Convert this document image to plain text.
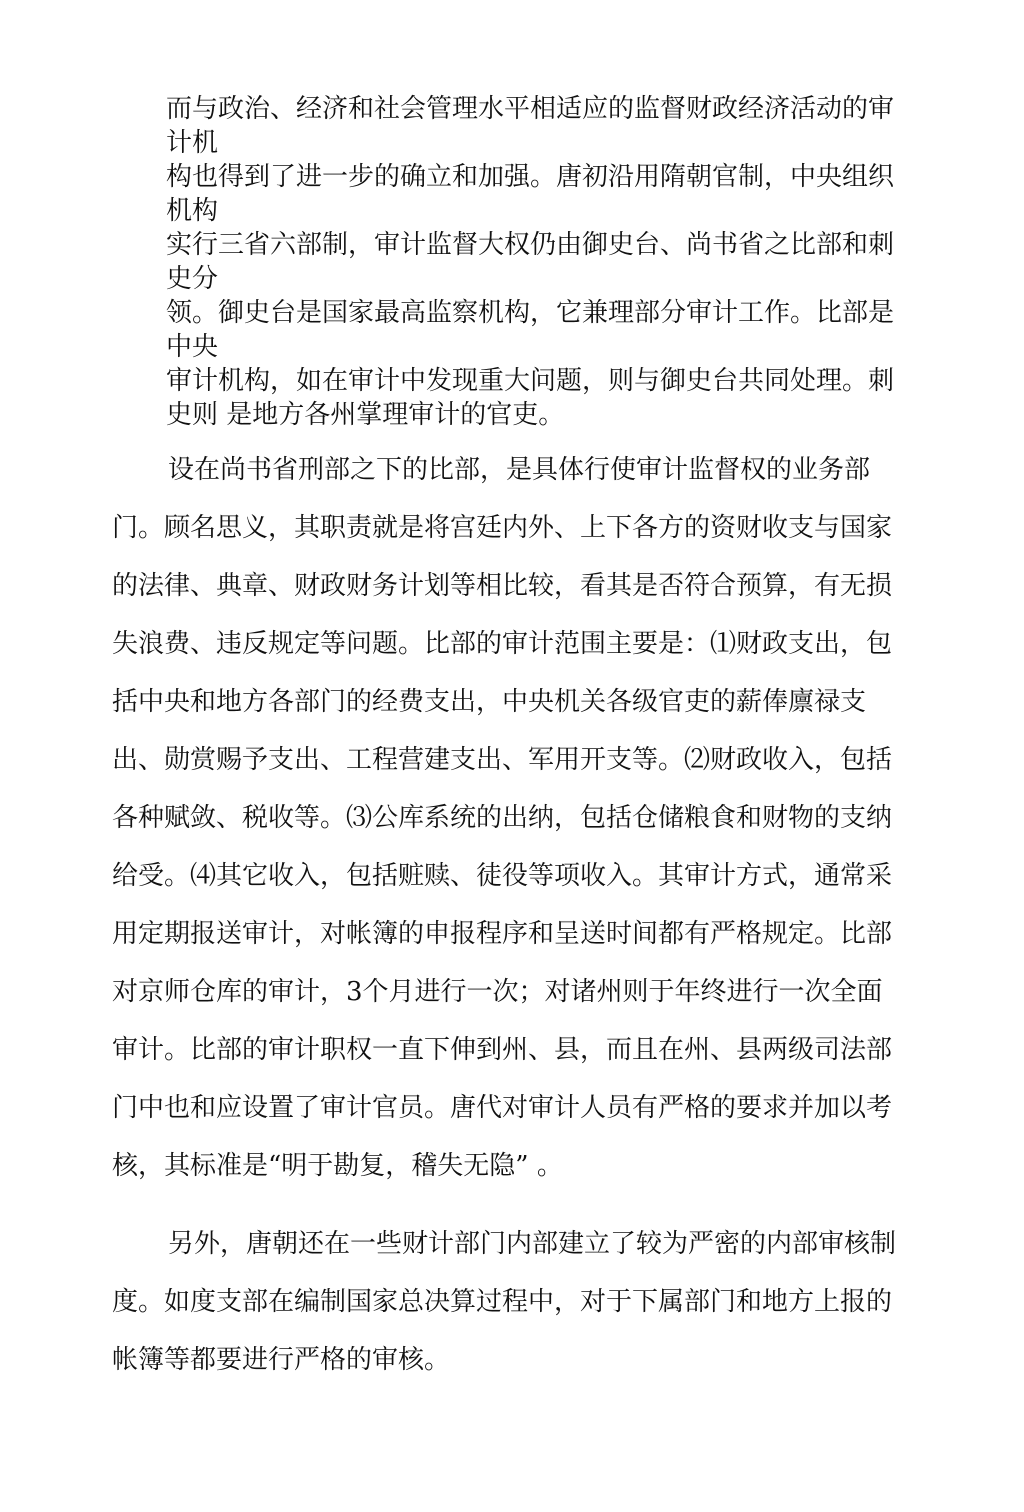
而与政治、经济和社会管理水平相适应的监督财政经济活动的审
计机
构也得到了进一步的确立和加强。唐初沿用隋朝官制，中央组织
机构
实行三省六部制，审计监督大权仍由御史台、尚书省之比部和刺
史分
领。御史台是国家最高监察机构，它兼理部分审计工作。比部是
中央
审计机构，如在审计中发现重大问题，则与御史台共同处理。刺
史则 是地方各州掌理审计的官吏。
设在尚书省刑部之下的比部，是具体行使审计监督权的业务部
门。顾名思义，其职责就是将宫廷内外、上下各方的资财收支与国家
的法律、典章、财政财务计划等相比较，看其是否符合预算，有无损
失浪费、违反规定等问题。比部的审计范围主要是：⑴财政支出，包
括中央和地方各部门的经费支出，中央机关各级官吏的薪俸廪禄支
出、勋赏赐予支出、工程营建支出、军用开支等。⑵财政收入，包括
各种赋敛、税收等。⑶公库系统的出纳，包括仓储粮食和财物的支纳
给受。⑷其它收入，包括赃赎、徒役等项收入。其审计方式，通常采
用定期报送审计，对帐簿的申报程序和呈送时间都有严格规定。比部
对京师仓库的审计，3个月进行一次；对诸州则于年终进行一次全面
审计。比部的审计职权一直下伸到州、县，而且在州、县两级司法部
门中也和应设置了审计官员。唐代对审计人员有严格的要求并加以考
核，其标准是“明于勘复，稽失无隐” 。
另外，唐朝还在一些财计部门内部建立了较为严密的内部审核制
度。如度支部在编制国家总决算过程中，对于下属部门和地方上报的
帐簿等都要进行严格的审核。
